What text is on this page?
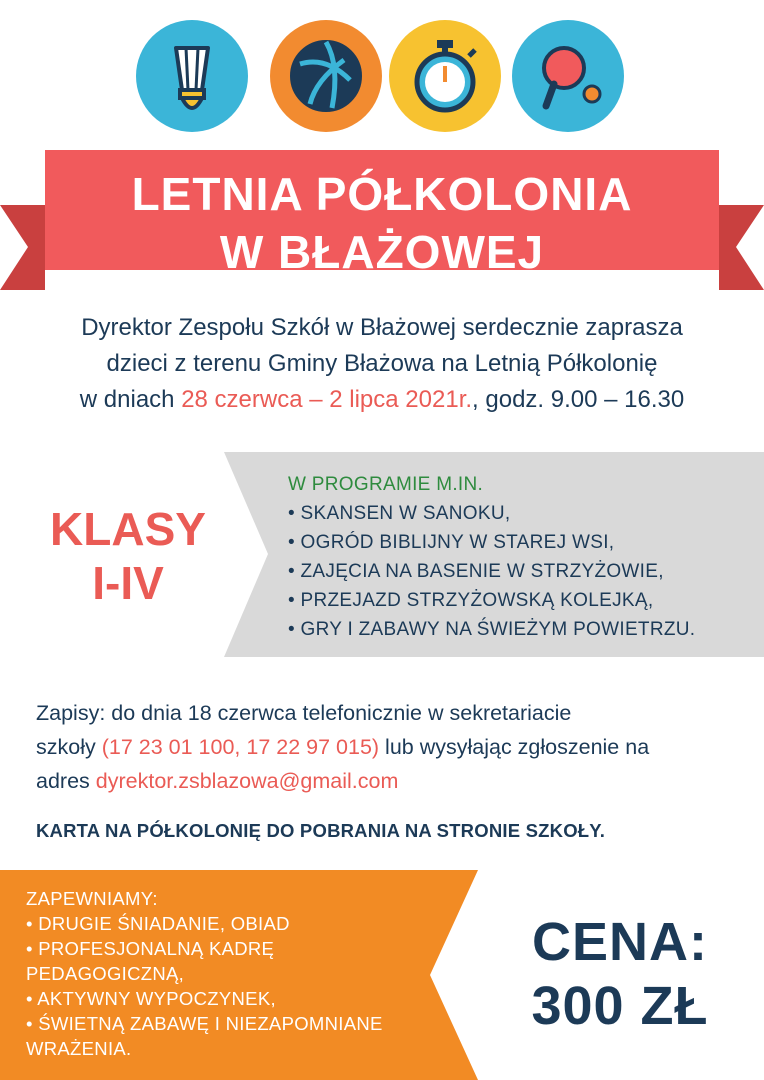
LETNIA PÓŁKOLONIA
W BŁAŻOWEJ
Dyrektor Zespołu Szkół w Błażowej serdecznie zaprasza
dzieci z terenu Gminy Błażowa na Letnią Półkolonię
w dniach 28 czerwca – 2 lipca 2021r., godz. 9.00 – 16.30
KLASY
I-IV
W PROGRAMIE M.IN.
• SKANSEN W SANOKU,
• OGRÓD BIBLIJNY W STAREJ WSI,
• ZAJĘCIA NA BASENIE W STRZYŻOWIE,
• PRZEJAZD STRZYŻOWSKĄ KOLEJKĄ,
• GRY I ZABAWY NA ŚWIEŻYM POWIETRZU.
Zapisy: do dnia 18 czerwca telefonicznie w sekretariacie
szkoły (17 23 01 100, 17 22 97 015) lub wysyłając zgłoszenie na
adres dyrektor.zsblazowa@gmail.com
KARTA NA PÓŁKOLONIĘ DO POBRANIA NA STRONIE SZKOŁY.
ZAPEWNIAMY:
• DRUGIE ŚNIADANIE, OBIAD
• PROFESJONALNĄ KADRĘ PEDAGOGICZNĄ,
• AKTYWNY WYPOCZYNEK,
• ŚWIETNĄ ZABAWĘ I NIEZAPOMNIANE WRAŻENIA.
CENA:
300 ZŁ
